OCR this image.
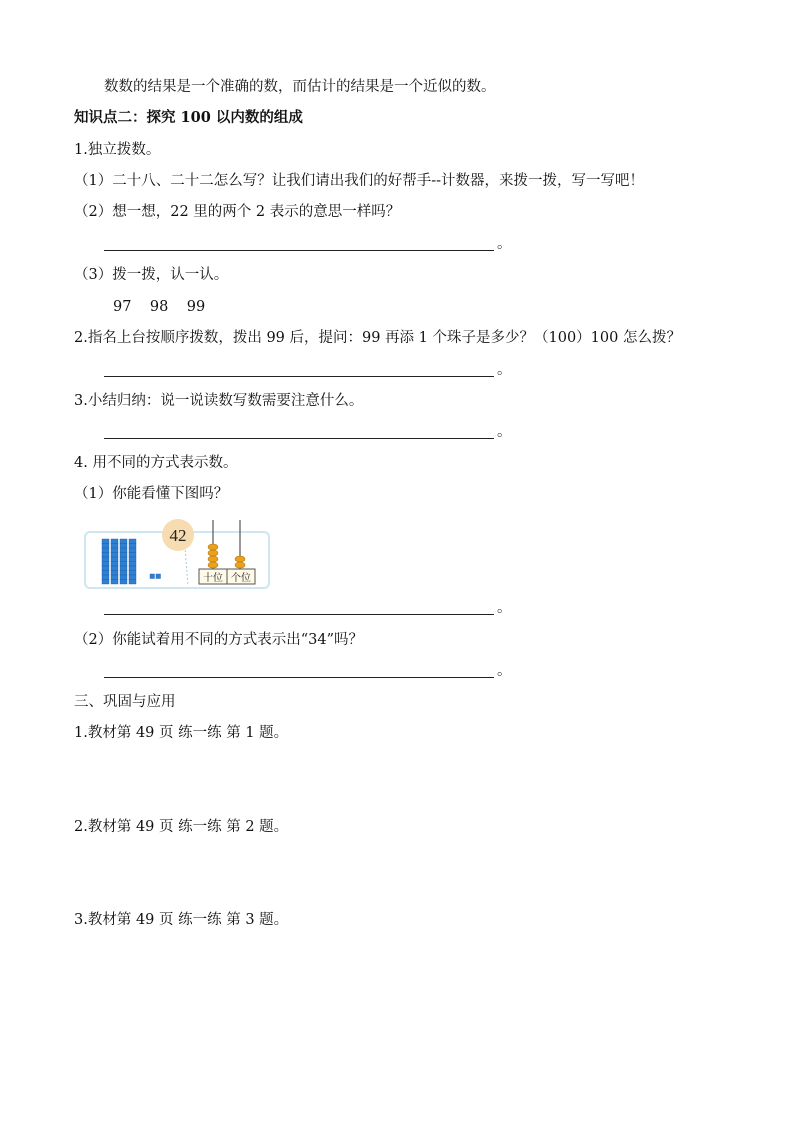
数数的结果是一个准确的数，而估计的结果是一个近似的数。
知识点二：探究 100 以内数的组成
1.独立拨数。
（1）二十八、二十二怎么写？让我们请出我们的好帮手--计数器，来拨一拨，写一写吧！
（2）想一想，22 里的两个 2 表示的意思一样吗？
。
（3）拨一拨，认一认。
97    98    99
2.指名上台按顺序拨数，拨出 99 后，提问：99 再添 1 个珠子是多少？（100）100 怎么拨？
。
3.小结归纳：说一说读数写数需要注意什么。
。
4. 用不同的方式表示数。
（1）你能看懂下图吗？
42
十位 个位
。
（2）你能试着用不同的方式表示出“34”吗？
。
三、巩固与应用
1.教材第 49 页 练一练 第 1 题。
2.教材第 49 页 练一练 第 2 题。
3.教材第 49 页 练一练 第 3 题。
